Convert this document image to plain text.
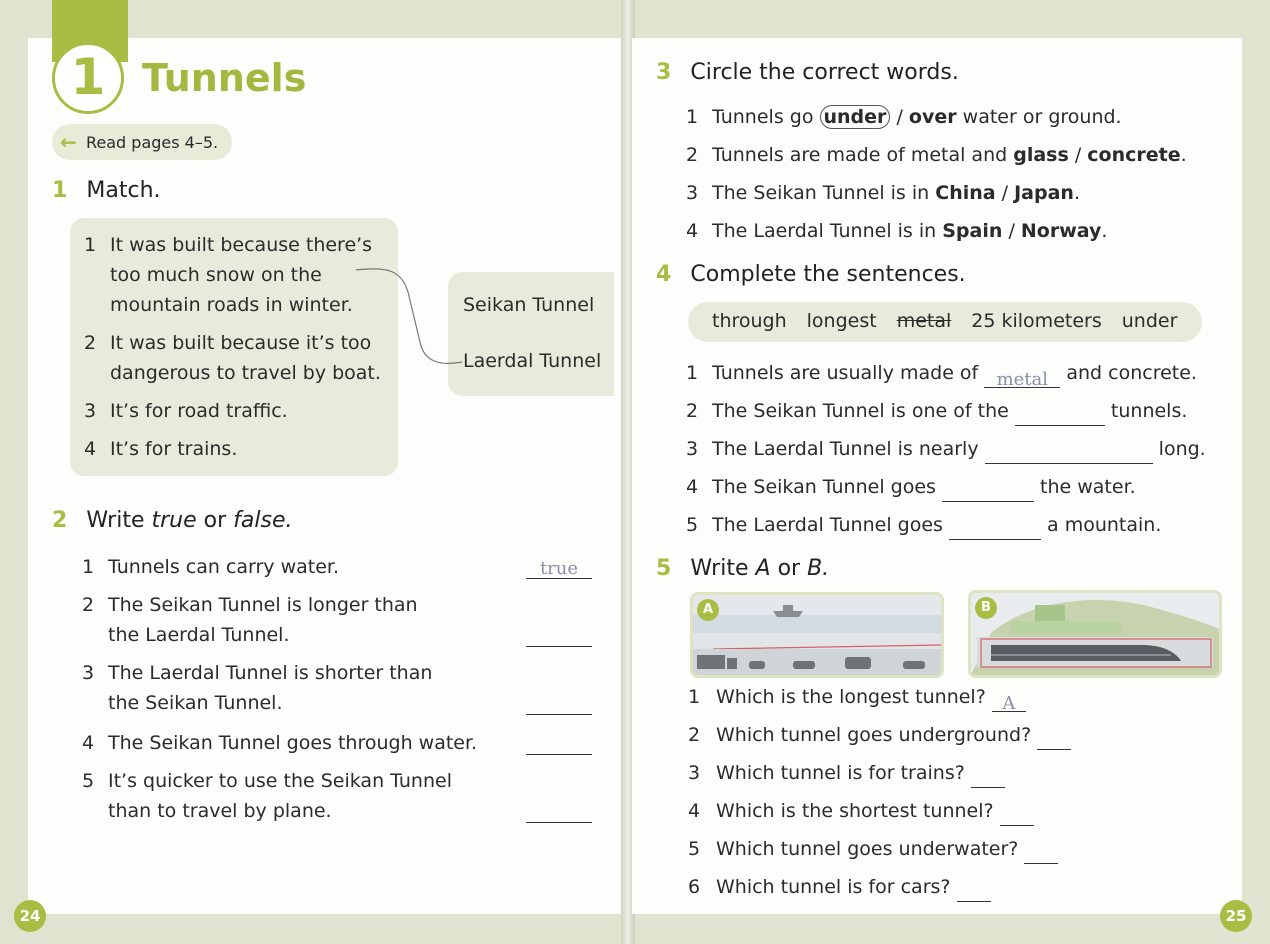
1 Tunnels
← Read pages 4–5.
1 Match.
1 It was built because there’s
too much snow on the
mountain roads in winter.
2 It was built because it’s too
dangerous to travel by boat.
3 It’s for road traffic.
4 It’s for trains.
Seikan Tunnel
Laerdal Tunnel
2 Write true or false.
1 Tunnels can carry water.	true
2 The Seikan Tunnel is longer than
the Laerdal Tunnel.
3 The Laerdal Tunnel is shorter than
the Seikan Tunnel.
4 The Seikan Tunnel goes through water.
5 It’s quicker to use the Seikan Tunnel
than to travel by plane.
24
3 Circle the correct words.
1 Tunnels go under / over water or ground.
2 Tunnels are made of metal and glass / concrete.
3 The Seikan Tunnel is in China / Japan.
4 The Laerdal Tunnel is in Spain / Norway.
4 Complete the sentences.
through longest metal 25 kilometers under
1 Tunnels are usually made of metal and concrete.
2 The Seikan Tunnel is one of the	tunnels.
3 The Laerdal Tunnel is nearly	long.
4 The Seikan Tunnel goes	the water.
5 The Laerdal Tunnel goes	a mountain.
5 Write A or B.
A	B
1 Which is the longest tunnel? A
2 Which tunnel goes underground?
3 Which tunnel is for trains?
4 Which is the shortest tunnel?
5 Which tunnel goes underwater?
6 Which tunnel is for cars?
25
